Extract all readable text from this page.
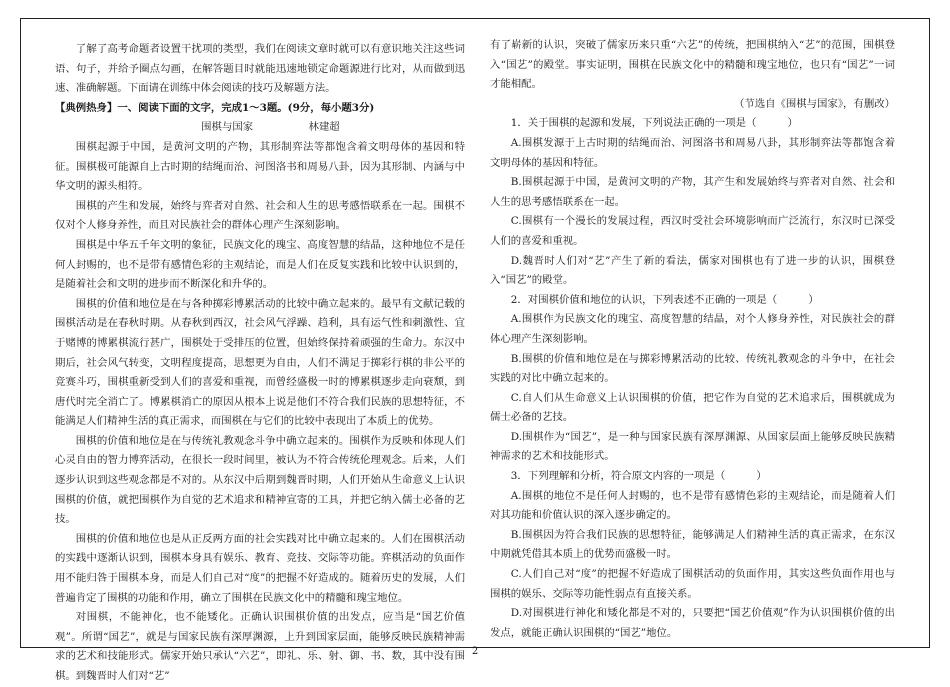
了解了高考命题者设置干扰项的类型，我们在阅读文章时就可以有意识地关注这些词语、句子，并给予圈点勾画，在解答题目时就能迅速地锁定命题源进行比对，从而做到迅速、准确解题。下面请在训练中体会阅读的技巧及解题方法。

【典例热身】一、阅读下面的文字，完成1～3题。(9分，每小题3分)

围棋与国家	林建超

围棋起源于中国，是黄河文明的产物，其形制弈法等都饱含着文明母体的基因和特征。围棋极可能源自上古时期的结绳而治、河图洛书和周易八卦，因为其形制、内涵与中华文明的源头相符。

围棋的产生和发展，始终与弈者对自然、社会和人生的思考感悟联系在一起。围棋不仅对个人修身养性，而且对民族社会的群体心理产生深刻影响。

围棋是中华五千年文明的象征，民族文化的瑰宝、高度智慧的结晶，这种地位不是任何人封赐的，也不是带有感情色彩的主观结论，而是人们在反复实践和比较中认识到的，是随着社会和文明的进步而不断深化和升华的。

围棋的价值和地位是在与各种掷彩博累活动的比较中确立起来的。最早有文献记载的围棋活动是在春秋时期。从春秋到西汉，社会风气浮躁、趋利，具有运气性和刺激性、宜于赌博的博累棋流行甚广，围棋处于受排压的位置，但始终保持着顽强的生命力。东汉中期后，社会风气转变，文明程度提高，思想更为自由，人们不满足于掷彩行棋的非公平的竞赛斗巧，围棋重新受到人们的喜爱和重视，而曾经盛极一时的博累棋逐步走向衰颓，到唐代时完全消亡了。博累棋消亡的原因从根本上说是他们不符合我们民族的思想特征，不能满足人们精神生活的真正需求，而围棋在与它们的比较中表现出了本质上的优势。

围棋的价值和地位是在与传统礼教观念斗争中确立起来的。围棋作为反映和体现人们心灵自由的智力博弈活动，在很长一段时间里，被认为不符合传统伦理观念。后来，人们逐步认识到这些观念都是不对的。从东汉中后期到魏晋时期，人们开始从生命意义上认识围棋的价值，就把围棋作为自觉的艺术追求和精神宣寄的工具，并把它纳入儒士必备的艺技。

围棋的价值和地位也是从正反两方面的社会实践对比中确立起来的。人们在围棋活动的实践中逐渐认识到，围棋本身具有娱乐、教育、竞技、交际等功能。弈棋活动的负面作用不能归咎于围棋本身，而是人们自己对“度”的把握不好造成的。随着历史的发展，人们普遍肯定了围棋的功能和作用，确立了围棋在民族文化中的精髓和瑰宝地位。

对围棋，不能神化，也不能矮化。正确认识围棋价值的出发点，应当是“国艺价值观”。所谓“国艺”，就是与国家民族有深厚渊源，上升到国家层面，能够反映民族精神需求的艺术和技能形式。儒家开始只承认“六艺”，即礼、乐、射、御、书、数，其中没有围棋。到魏晋时人们对“艺”

有了崭新的认识，突破了儒家历来只重“六艺”的传统，把围棋纳入“艺”的范围，围棋登入“国艺”的殿堂。事实证明，围棋在民族文化中的精髓和瑰宝地位，也只有“国艺”一词才能相配。

（节选自《围棋与国家》，有删改）

1．关于围棋的起源和发展，下列说法正确的一项是（　　　）

A.围棋发源于上古时期的结绳而治、河图洛书和周易八卦，其形制弈法等都饱含着文明母体的基因和特征。

B.围棋起源于中国，是黄河文明的产物，其产生和发展始终与弈者对自然、社会和人生的思考感悟联系在一起。

C.围棋有一个漫长的发展过程，西汉时受社会环境影响而广泛流行，东汉时已深受人们的喜爱和重视。

D.魏晋时人们对“艺”产生了新的看法，儒家对围棋也有了进一步的认识，围棋登入“国艺”的殿堂。

2．对围棋价值和地位的认识，下列表述不正确的一项是（　　　）

A.围棋作为民族文化的瑰宝、高度智慧的结晶，对个人修身养性，对民族社会的群体心理产生深刻影响。

B.围棋的价值和地位是在与掷彩博累活动的比较、传统礼教观念的斗争中，在社会实践的对比中确立起来的。

C.自人们从生命意义上认识围棋的价值，把它作为自觉的艺术追求后，围棋就成为儒士必备的艺技。

D.围棋作为“国艺”，是一种与国家民族有深厚渊源、从国家层面上能够反映民族精神需求的艺术和技能形式。

3．下列理解和分析，符合原文内容的一项是（　　　）

A.围棋的地位不是任何人封赐的，也不是带有感情色彩的主观结论，而是随着人们对其功能和价值认识的深入逐步确定的。

B.围棋因为符合我们民族的思想特征，能够满足人们精神生活的真正需求，在东汉中期就凭借其本质上的优势而盛极一时。

C.人们自己对“度”的把握不好造成了围棋活动的负面作用，其实这些负面作用也与围棋的娱乐、交际等功能性弱点有直接关系。

D.对围棋进行神化和矮化都是不对的，只要把“国艺价值观”作为认识围棋价值的出发点，就能正确认识围棋的“国艺”地位。

2
